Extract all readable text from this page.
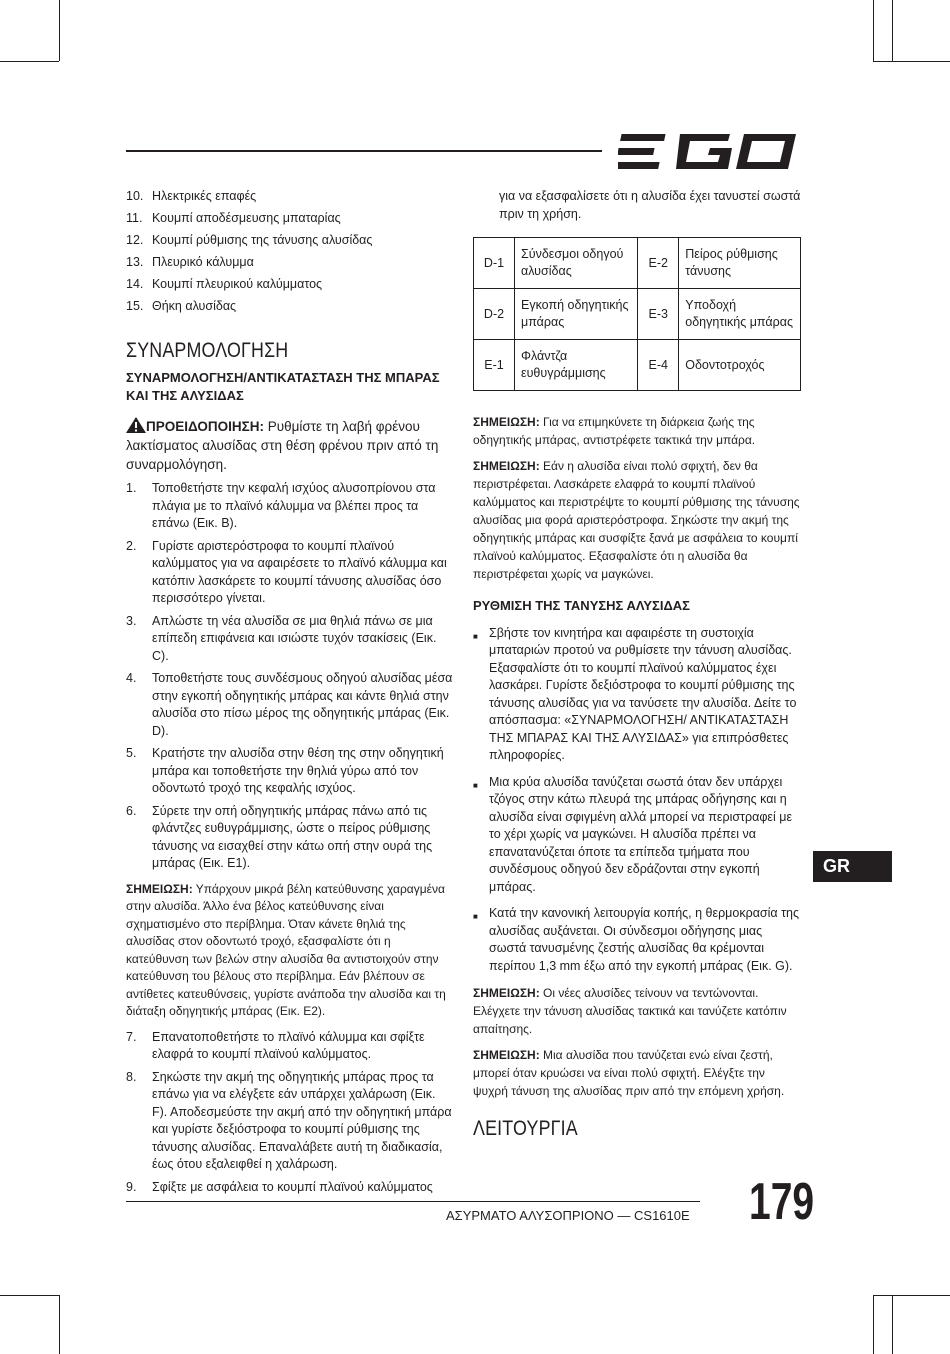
10. Ηλεκτρικές επαφές

11. Κουμπί αποδέσμευσης μπαταρίας

12. Κουμπί ρύθμισης της τάνυσης αλυσίδας

13. Πλευρικό κάλυμμα

14. Κουμπί πλευρικού καλύμματος

15. Θήκη αλυσίδας

ΣΥΝΑΡΜΟΛΟΓΗΣΗ
ΣΥΝΑΡΜΟΛΟΓΗΣΗ/ΑΝΤΙΚΑΤΑΣΤΑΣΗ ΤΗΣ ΜΠΑΡΑΣ ΚΑΙ ΤΗΣ ΑΛΥΣΙΔΑΣ

ΠΡΟΕΙΔΟΠΟΙΗΣΗ: Ρυθμίστε τη λαβή φρένου λακτίσματος αλυσίδας στη θέση φρένου πριν από τη συναρμολόγηση.

1. Τοποθετήστε την κεφαλή ισχύος αλυσοπρίονου στα πλάγια με το πλαϊνό κάλυμμα να βλέπει προς τα επάνω (Εικ. B).

2. Γυρίστε αριστερόστροφα το κουμπί πλαϊνού καλύμματος για να αφαιρέσετε το πλαϊνό κάλυμμα και κατόπιν λασκάρετε το κουμπί τάνυσης αλυσίδας όσο περισσότερο γίνεται.

3. Απλώστε τη νέα αλυσίδα σε μια θηλιά πάνω σε μια επίπεδη επιφάνεια και ισιώστε τυχόν τσακίσεις (Εικ. C).

4. Τοποθετήστε τους συνδέσμους οδηγού αλυσίδας μέσα στην εγκοπή οδηγητικής μπάρας και κάντε θηλιά στην αλυσίδα στο πίσω μέρος της οδηγητικής μπάρας (Εικ. D).

5. Κρατήστε την αλυσίδα στην θέση της στην οδηγητική μπάρα και τοποθετήστε την θηλιά γύρω από τον οδοντωτό τροχό της κεφαλής ισχύος.

6. Σύρετε την οπή οδηγητικής μπάρας πάνω από τις φλάντζες ευθυγράμμισης, ώστε ο πείρος ρύθμισης τάνυσης να εισαχθεί στην κάτω οπή στην ουρά της μπάρας (Εικ. E1).

ΣΗΜΕΙΩΣΗ: Υπάρχουν μικρά βέλη κατεύθυνσης χαραγμένα στην αλυσίδα. Άλλο ένα βέλος κατεύθυνσης είναι σχηματισμένο στο περίβλημα. Όταν κάνετε θηλιά της αλυσίδας στον οδοντωτό τροχό, εξασφαλίστε ότι η κατεύθυνση των βελών στην αλυσίδα θα αντιστοιχούν στην κατεύθυνση του βέλους στο περίβλημα. Εάν βλέπουν σε αντίθετες κατευθύνσεις, γυρίστε ανάποδα την αλυσίδα και τη διάταξη οδηγητικής μπάρας (Εικ. E2).

7. Επανατοποθετήστε το πλαϊνό κάλυμμα και σφίξτε ελαφρά το κουμπί πλαϊνού καλύμματος.

8. Σηκώστε την ακμή της οδηγητικής μπάρας προς τα επάνω για να ελέγξετε εάν υπάρχει χαλάρωση (Εικ. F). Αποδεσμεύστε την ακμή από την οδηγητική μπάρα και γυρίστε δεξιόστροφα το κουμπί ρύθμισης της τάνυσης αλυσίδας. Επαναλάβετε αυτή τη διαδικασία, έως ότου εξαλειφθεί η χαλάρωση.

9. Σφίξτε με ασφάλεια το κουμπί πλαϊνού καλύμματος

για να εξασφαλίσετε ότι η αλυσίδα έχει τανυστεί σωστά πριν τη χρήση.

D-1	Σύνδεσμοι οδηγού αλυσίδας	E-2	Πείρος ρύθμισης τάνυσης
D-2	Εγκοπή οδηγητικής μπάρας	E-3	Υποδοχή οδηγητικής μπάρας
E-1	Φλάντζα ευθυγράμμισης	E-4	Οδοντοτροχός

ΣΗΜΕΙΩΣΗ: Για να επιμηκύνετε τη διάρκεια ζωής της οδηγητικής μπάρας, αντιστρέφετε τακτικά την μπάρα.

ΣΗΜΕΙΩΣΗ: Εάν η αλυσίδα είναι πολύ σφιχτή, δεν θα περιστρέφεται. Λασκάρετε ελαφρά το κουμπί πλαϊνού καλύμματος και περιστρέψτε το κουμπί ρύθμισης της τάνυσης αλυσίδας μια φορά αριστερόστροφα. Σηκώστε την ακμή της οδηγητικής μπάρας και συσφίξτε ξανά με ασφάλεια το κουμπί πλαϊνού καλύμματος. Εξασφαλίστε ότι η αλυσίδα θα περιστρέφεται χωρίς να μαγκώνει.

ΡΥΘΜΙΣΗ ΤΗΣ ΤΑΝΥΣΗΣ ΑΛΥΣΙΔΑΣ

■ Σβήστε τον κινητήρα και αφαιρέστε τη συστοιχία μπαταριών προτού να ρυθμίσετε την τάνυση αλυσίδας. Εξασφαλίστε ότι το κουμπί πλαϊνού καλύμματος έχει λασκάρει. Γυρίστε δεξιόστροφα το κουμπί ρύθμισης της τάνυσης αλυσίδας για να τανύσετε την αλυσίδα. Δείτε το απόσπασμα: «ΣΥΝΑΡΜΟΛΟΓΗΣΗ/ ΑΝΤΙΚΑΤΑΣΤΑΣΗ ΤΗΣ ΜΠΑΡΑΣ ΚΑΙ ΤΗΣ ΑΛΥΣΙΔΑΣ» για επιπρόσθετες πληροφορίες.

■ Μια κρύα αλυσίδα τανύζεται σωστά όταν δεν υπάρχει τζόγος στην κάτω πλευρά της μπάρας οδήγησης και η αλυσίδα είναι σφιγμένη αλλά μπορεί να περιστραφεί με το χέρι χωρίς να μαγκώνει. Η αλυσίδα πρέπει να επανατανύζεται όποτε τα επίπεδα τμήματα που συνδέσμους οδηγού δεν εδράζονται στην εγκοπή μπάρας.

■ Κατά την κανονική λειτουργία κοπής, η θερμοκρασία της αλυσίδας αυξάνεται. Οι σύνδεσμοι οδήγησης μιας σωστά τανυσμένης ζεστής αλυσίδας θα κρέμονται περίπου 1,3 mm έξω από την εγκοπή μπάρας (Εικ. G).

ΣΗΜΕΙΩΣΗ: Οι νέες αλυσίδες τείνουν να τεντώνονται. Ελέγχετε την τάνυση αλυσίδας τακτικά και τανύζετε κατόπιν απαίτησης.

ΣΗΜΕΙΩΣΗ: Μια αλυσίδα που τανύζεται ενώ είναι ζεστή, μπορεί όταν κρυώσει να είναι πολύ σφιχτή. Ελέγξτε την ψυχρή τάνυση της αλυσίδας πριν από την επόμενη χρήση.

ΛΕΙΤΟΥΡΓΙΑ
GR
ΑΣΥΡΜΑΤΟ ΑΛΥΣΟΠΡΙΟΝΟ — CS1610E 179
